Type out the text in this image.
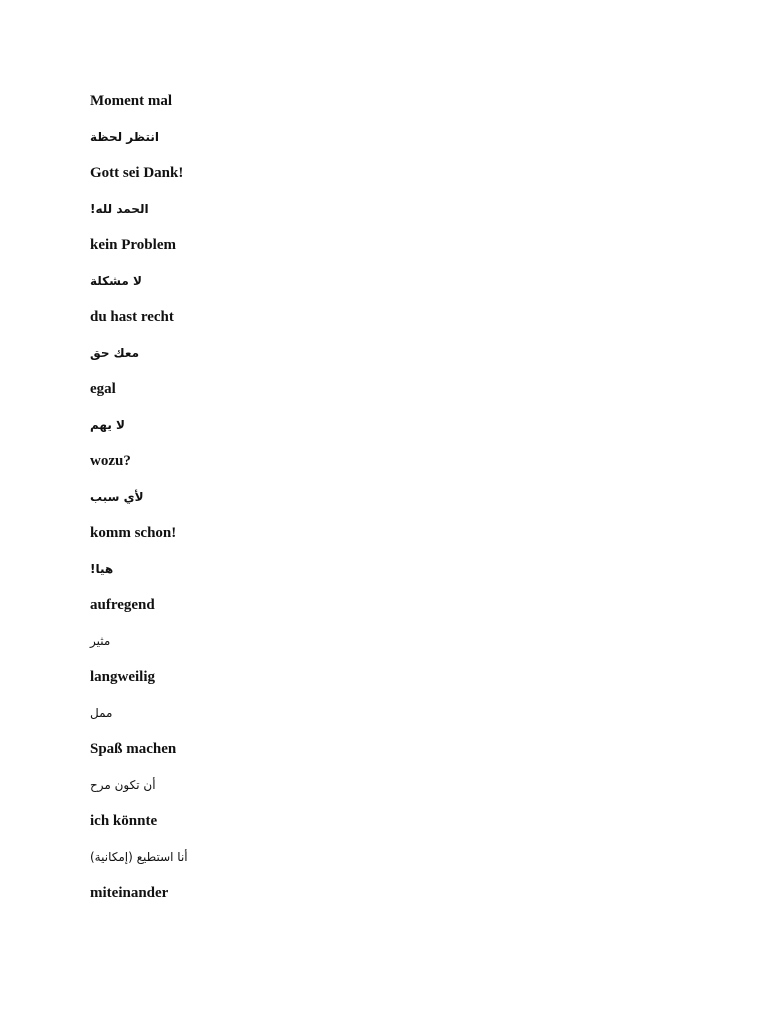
Moment mal
انتظر لحظة
Gott sei Dank!
الحمد لله!
kein Problem
لا مشكلة
du hast recht
معك حق
egal
لا يهم
wozu?
لأي سبب
komm schon!
هيا!
aufregend
مثير
langweilig
ممل
Spaß machen
أن تكون مرح
ich könnte
أنا استطيع (إمكانية)
miteinander
